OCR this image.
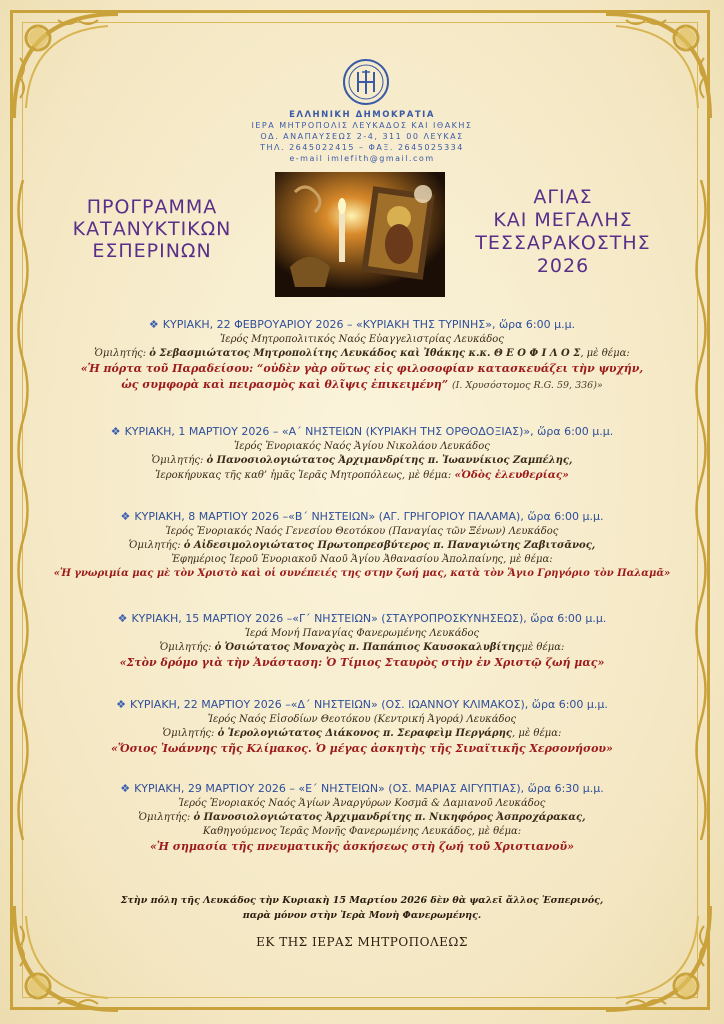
ΕΛΛΗΝΙΚΗ ΔΗΜΟΚΡΑΤΙΑ
ΙΕΡΑ ΜΗΤΡΟΠΟΛΙΣ ΛΕΥΚΑΔΟΣ ΚΑΙ ΙΘΑΚΗΣ
ΟΔ. ΑΝΑΠΑΥΣΕΩΣ 2-4, 311 00 ΛΕΥΚΑΣ
ΤΗΛ. 2645022415 – ΦΑΞ. 2645025334
e-mail imlefith@gmail.com
ΠΡΟΓΡΑΜΜΑ
ΚΑΤΑΝΥΚΤΙΚΩΝ
ΕΣΠΕΡΙΝΩΝ
ΑΓΙΑΣ
ΚΑΙ ΜΕΓΑΛΗΣ
ΤΕΣΣΑΡΑΚΟΣΤΗΣ
2026
❖ ΚΥΡΙΑΚΗ, 22 ΦΕΒΡΟΥΑΡΙΟΥ 2026 – «ΚΥΡΙΑΚΗ ΤΗΣ ΤΥΡΙΝΗΣ», ὥρα 6:00 μ.μ.
Ἱερός Μητροπολιτικός Ναός Εὐαγγελιστρίας Λευκάδος
Ὁμιλητής: ὁ Σεβασμιώτατος Μητροπολίτης Λευκάδος καὶ Ἰθάκης κ.κ. Θ Ε Ο Φ Ι Λ Ο Σ, μὲ θέμα:
«Ἡ πόρτα τοῦ Παραδείσου: “οὐδὲν γὰρ οὕτως εἰς φιλοσοφίαν κατασκευάζει τὴν ψυχήν,
ὡς συμφορὰ καὶ πειρασμὸς καὶ θλῖψις ἐπικειμένη” (Ι. Χρυσόστομος R.G. 59, 336)»
❖ ΚΥΡΙΑΚΗ, 1 ΜΑΡΤΙΟΥ 2026 – «Α΄ ΝΗΣΤΕΙΩΝ (ΚΥΡΙΑΚΗ ΤΗΣ ΟΡΘΟΔΟΞΙΑΣ)», ὥρα 6:00 μ.μ.
Ἱερός Ἐνοριακός Ναός Ἁγίου Νικολάου Λευκάδος
Ὁμιλητής: ὁ Πανοσιολογιώτατος Ἀρχιμανδρίτης π. Ἰωαννίκιος Ζαμπέλης,
Ἱεροκήρυκας τῆς καθ’ ἡμᾶς Ἱερᾶς Μητροπόλεως, μὲ θέμα: «Ὁδὸς ἐλευθερίας»
❖ ΚΥΡΙΑΚΗ, 8 ΜΑΡΤΙΟΥ 2026 –«Β΄ ΝΗΣΤΕΙΩΝ» (ΑΓ. ΓΡΗΓΟΡΙΟΥ ΠΑΛΑΜΑ), ὥρα 6:00 μ.μ.
Ἱερός Ἐνοριακός Ναός Γενεσίου Θεοτόκου (Παναγίας τῶν Ξένων) Λευκάδος
Ὁμιλητής: ὁ Αἰδεσιμολογιώτατος Πρωτοπρεσβύτερος π. Παναγιώτης Ζαβιτσᾶνος,
Ἐφημέριος Ἱεροῦ Ἐνοριακοῦ Ναοῦ Ἁγίου Ἀθανασίου Ἀπολπαίνης, μὲ θέμα:
«Ἡ γνωριμία μας μὲ τὸν Χριστὸ καὶ οἱ συνέπειές της στην ζωή μας, κατὰ τὸν Ἅγιο Γρηγόριο τὸν Παλαμᾶ»
❖ ΚΥΡΙΑΚΗ, 15 ΜΑΡΤΙΟΥ 2026 –«Γ΄ ΝΗΣΤΕΙΩΝ» (ΣΤΑΥΡΟΠΡΟΣΚΥΝΗΣΕΩΣ), ὥρα 6:00 μ.μ.
Ἱερά Μονή Παναγίας Φανερωμένης Λευκάδος
Ὁμιλητής: ὁ Ὁσιώτατος Μοναχὸς π. Παπάπιος Καυσοκαλυβίτηςμὲ θέμα:
«Στὸν δρόμο γιὰ τὴν Ἀνάσταση: Ὁ Τίμιος Σταυρὸς στὴν ἐν Χριστῷ ζωή μας»
❖ ΚΥΡΙΑΚΗ, 22 ΜΑΡΤΙΟΥ 2026 –«Δ΄ ΝΗΣΤΕΙΩΝ» (ΟΣ. ΙΩΑΝΝΟΥ ΚΛΙΜΑΚΟΣ), ὥρα 6:00 μ.μ.
Ἱερός Ναός Εἰσοδίων Θεοτόκου (Κεντρική Ἀγορά) Λευκάδος
Ὁμιλητής: ὁ Ἱερολογιώτατος Διάκονος π. Σεραφεὶμ Περγάρης, μὲ θέμα:
«Ὅσιος Ἰωάννης τῆς Κλίμακος. Ὁ μέγας ἀσκητὴς τῆς Σιναϊτικῆς Χερσονήσου»
❖ ΚΥΡΙΑΚΗ, 29 ΜΑΡΤΙΟΥ 2026 – «Ε΄ ΝΗΣΤΕΙΩΝ» (ΟΣ. ΜΑΡΙΑΣ ΑΙΓΥΠΤΙΑΣ), ὥρα 6:30 μ.μ.
Ἱερός Ἐνοριακός Ναός Ἁγίων Ἀναργύρων Κοσμᾶ & Δαμιανοῦ Λευκάδος
Ὁμιλητής: ὁ Πανοσιολογιώτατος Ἀρχιμανδρίτης π. Νικηφόρος Ἀσπροχάρακας,
Καθηγούμενος Ἱερᾶς Μονῆς Φανερωμένης Λευκάδος, μὲ θέμα:
«Ἡ σημασία τῆς πνευματικῆς ἀσκήσεως στὴ ζωή τοῦ Χριστιανοῦ»
Στὴν πόλη τῆς Λευκάδος τὴν Κυριακὴ 15 Μαρτίου 2026 δὲν θὰ ψαλεῖ ἄλλος Ἑσπερινός,
παρὰ μόνον στὴν Ἱερὰ Μονὴ Φανερωμένης.
ΕΚ ΤΗΣ ΙΕΡΑΣ ΜΗΤΡΟΠΟΛΕΩΣ
